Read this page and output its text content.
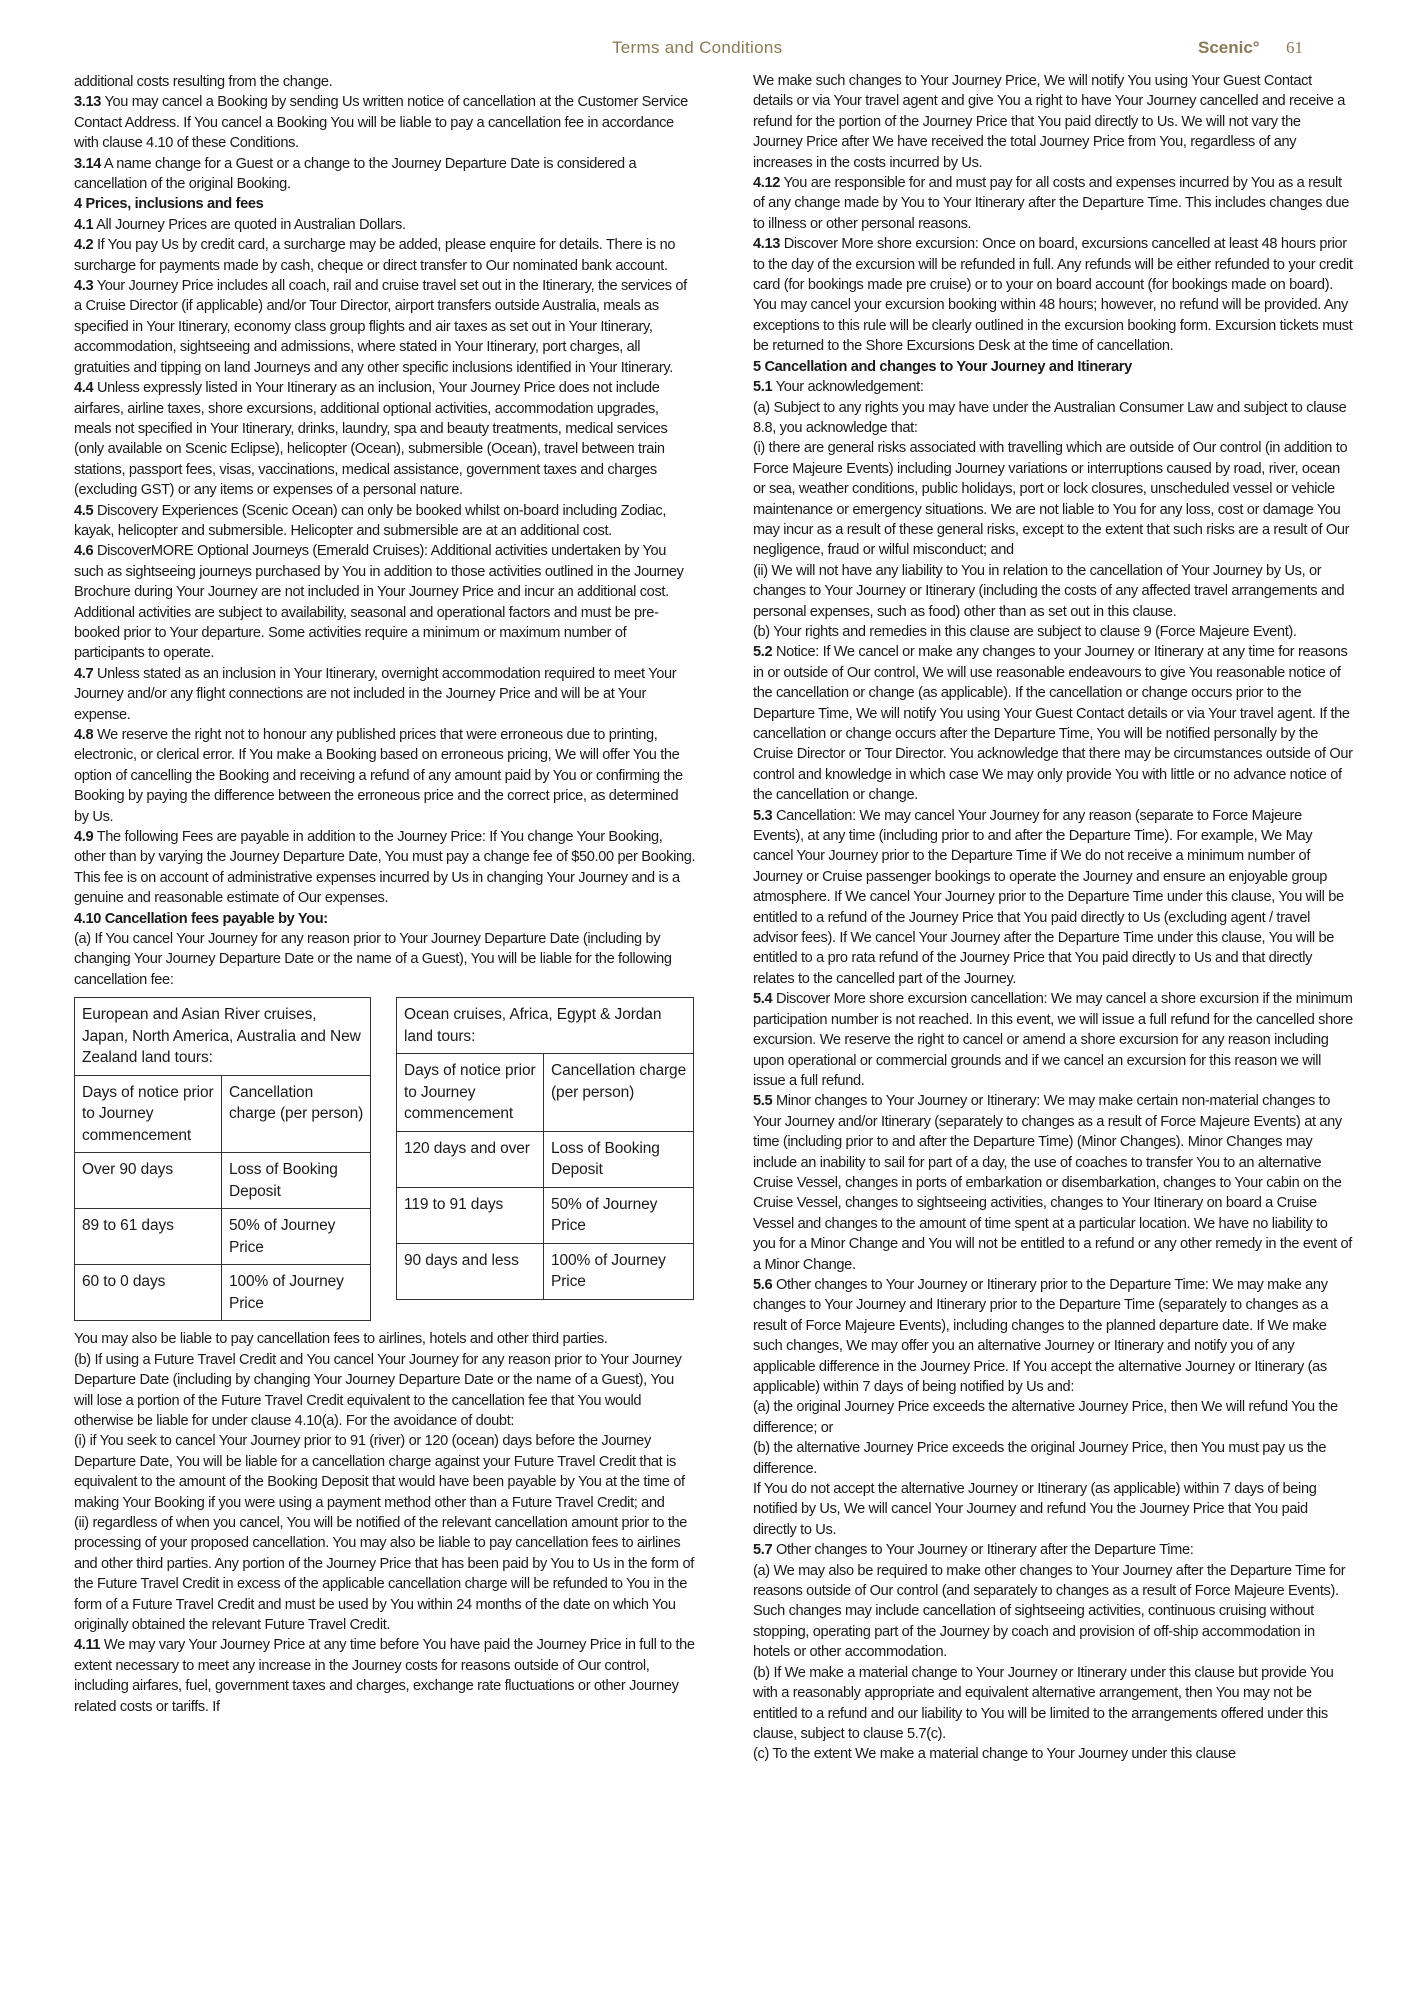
Terms and Conditions	Scenic° 61

additional costs resulting from the change.

3.13 You may cancel a Booking by sending Us written notice of cancellation at the Customer Service Contact Address. If You cancel a Booking You will be liable to pay a cancellation fee in accordance with clause 4.10 of these Conditions.

3.14 A name change for a Guest or a change to the Journey Departure Date is considered a cancellation of the original Booking.

4 Prices, inclusions and fees

4.1 All Journey Prices are quoted in Australian Dollars.

4.2 If You pay Us by credit card, a surcharge may be added, please enquire for details. There is no surcharge for payments made by cash, cheque or direct transfer to Our nominated bank account.

4.3 Your Journey Price includes all coach, rail and cruise travel set out in the Itinerary, the services of a Cruise Director (if applicable) and/or Tour Director, airport transfers outside Australia, meals as specified in Your Itinerary, economy class group flights and air taxes as set out in Your Itinerary, accommodation, sightseeing and admissions, where stated in Your Itinerary, port charges, all gratuities and tipping on land Journeys and any other specific inclusions identified in Your Itinerary.

4.4 Unless expressly listed in Your Itinerary as an inclusion, Your Journey Price does not include airfares, airline taxes, shore excursions, additional optional activities, accommodation upgrades, meals not specified in Your Itinerary, drinks, laundry, spa and beauty treatments, medical services (only available on Scenic Eclipse), helicopter (Ocean), submersible (Ocean), travel between train stations, passport fees, visas, vaccinations, medical assistance, government taxes and charges (excluding GST) or any items or expenses of a personal nature.

4.5 Discovery Experiences (Scenic Ocean) can only be booked whilst on-board including Zodiac, kayak, helicopter and submersible. Helicopter and submersible are at an additional cost.

4.6 DiscoverMORE Optional Journeys (Emerald Cruises): Additional activities undertaken by You such as sightseeing journeys purchased by You in addition to those activities outlined in the Journey Brochure during Your Journey are not included in Your Journey Price and incur an additional cost. Additional activities are subject to availability, seasonal and operational factors and must be pre-booked prior to Your departure. Some activities require a minimum or maximum number of participants to operate.

4.7 Unless stated as an inclusion in Your Itinerary, overnight accommodation required to meet Your Journey and/or any flight connections are not included in the Journey Price and will be at Your expense.

4.8 We reserve the right not to honour any published prices that were erroneous due to printing, electronic, or clerical error. If You make a Booking based on erroneous pricing, We will offer You the option of cancelling the Booking and receiving a refund of any amount paid by You or confirming the Booking by paying the difference between the erroneous price and the correct price, as determined by Us.

4.9 The following Fees are payable in addition to the Journey Price: If You change Your Booking, other than by varying the Journey Departure Date, You must pay a change fee of $50.00 per Booking. This fee is on account of administrative expenses incurred by Us in changing Your Journey and is a genuine and reasonable estimate of Our expenses.

4.10 Cancellation fees payable by You:

(a) If You cancel Your Journey for any reason prior to Your Journey Departure Date (including by changing Your Journey Departure Date or the name of a Guest), You will be liable for the following cancellation fee:

European and Asian River cruises, Japan, North America, Australia and New Zealand land tours:	
Days of notice prior to Journey commencement	Cancellation charge (per person)
Over 90 days	Loss of Booking Deposit
89 to 61 days	50% of Journey Price
60 to 0 days	100% of Journey Price
Ocean cruises, Africa, Egypt & Jordan land tours:	
Days of notice prior to Journey commencement	Cancellation charge (per person)
120 days and over	Loss of Booking Deposit
119 to 91 days	50% of Journey Price
90 days and less	100% of Journey Price

You may also be liable to pay cancellation fees to airlines, hotels and other third parties.

(b) If using a Future Travel Credit and You cancel Your Journey for any reason prior to Your Journey Departure Date (including by changing Your Journey Departure Date or the name of a Guest), You will lose a portion of the Future Travel Credit equivalent to the cancellation fee that You would otherwise be liable for under clause 4.10(a). For the avoidance of doubt:

(i) if You seek to cancel Your Journey prior to 91 (river) or 120 (ocean) days before the Journey Departure Date, You will be liable for a cancellation charge against your Future Travel Credit that is equivalent to the amount of the Booking Deposit that would have been payable by You at the time of making Your Booking if you were using a payment method other than a Future Travel Credit; and

(ii) regardless of when you cancel, You will be notified of the relevant cancellation amount prior to the processing of your proposed cancellation. You may also be liable to pay cancellation fees to airlines and other third parties. Any portion of the Journey Price that has been paid by You to Us in the form of the Future Travel Credit in excess of the applicable cancellation charge will be refunded to You in the form of a Future Travel Credit and must be used by You within 24 months of the date on which You originally obtained the relevant Future Travel Credit.

4.11 We may vary Your Journey Price at any time before You have paid the Journey Price in full to the extent necessary to meet any increase in the Journey costs for reasons outside of Our control, including airfares, fuel, government taxes and charges, exchange rate fluctuations or other Journey related costs or tariffs. If

We make such changes to Your Journey Price, We will notify You using Your Guest Contact details or via Your travel agent and give You a right to have Your Journey cancelled and receive a refund for the portion of the Journey Price that You paid directly to Us. We will not vary the Journey Price after We have received the total Journey Price from You, regardless of any increases in the costs incurred by Us.

4.12 You are responsible for and must pay for all costs and expenses incurred by You as a result of any change made by You to Your Itinerary after the Departure Time. This includes changes due to illness or other personal reasons.

4.13 Discover More shore excursion: Once on board, excursions cancelled at least 48 hours prior to the day of the excursion will be refunded in full. Any refunds will be either refunded to your credit card (for bookings made pre cruise) or to your on board account (for bookings made on board). You may cancel your excursion booking within 48 hours; however, no refund will be provided. Any exceptions to this rule will be clearly outlined in the excursion booking form. Excursion tickets must be returned to the Shore Excursions Desk at the time of cancellation.

5 Cancellation and changes to Your Journey and Itinerary

5.1 Your acknowledgement:

(a) Subject to any rights you may have under the Australian Consumer Law and subject to clause 8.8, you acknowledge that:

(i) there are general risks associated with travelling which are outside of Our control (in addition to Force Majeure Events) including Journey variations or interruptions caused by road, river, ocean or sea, weather conditions, public holidays, port or lock closures, unscheduled vessel or vehicle maintenance or emergency situations. We are not liable to You for any loss, cost or damage You may incur as a result of these general risks, except to the extent that such risks are a result of Our negligence, fraud or wilful misconduct; and

(ii) We will not have any liability to You in relation to the cancellation of Your Journey by Us, or changes to Your Journey or Itinerary (including the costs of any affected travel arrangements and personal expenses, such as food) other than as set out in this clause.

(b) Your rights and remedies in this clause are subject to clause 9 (Force Majeure Event).

5.2 Notice: If We cancel or make any changes to your Journey or Itinerary at any time for reasons in or outside of Our control, We will use reasonable endeavours to give You reasonable notice of the cancellation or change (as applicable). If the cancellation or change occurs prior to the Departure Time, We will notify You using Your Guest Contact details or via Your travel agent. If the cancellation or change occurs after the Departure Time, You will be notified personally by the Cruise Director or Tour Director. You acknowledge that there may be circumstances outside of Our control and knowledge in which case We may only provide You with little or no advance notice of the cancellation or change.

5.3 Cancellation: We may cancel Your Journey for any reason (separate to Force Majeure Events), at any time (including prior to and after the Departure Time). For example, We May cancel Your Journey prior to the Departure Time if We do not receive a minimum number of Journey or Cruise passenger bookings to operate the Journey and ensure an enjoyable group atmosphere. If We cancel Your Journey prior to the Departure Time under this clause, You will be entitled to a refund of the Journey Price that You paid directly to Us (excluding agent / travel advisor fees). If We cancel Your Journey after the Departure Time under this clause, You will be entitled to a pro rata refund of the Journey Price that You paid directly to Us and that directly relates to the cancelled part of the Journey.

5.4 Discover More shore excursion cancellation: We may cancel a shore excursion if the minimum participation number is not reached. In this event, we will issue a full refund for the cancelled shore excursion. We reserve the right to cancel or amend a shore excursion for any reason including upon operational or commercial grounds and if we cancel an excursion for this reason we will issue a full refund.

5.5 Minor changes to Your Journey or Itinerary: We may make certain non-material changes to Your Journey and/or Itinerary (separately to changes as a result of Force Majeure Events) at any time (including prior to and after the Departure Time) (Minor Changes). Minor Changes may include an inability to sail for part of a day, the use of coaches to transfer You to an alternative Cruise Vessel, changes in ports of embarkation or disembarkation, changes to Your cabin on the Cruise Vessel, changes to sightseeing activities, changes to Your Itinerary on board a Cruise Vessel and changes to the amount of time spent at a particular location. We have no liability to you for a Minor Change and You will not be entitled to a refund or any other remedy in the event of a Minor Change.

5.6 Other changes to Your Journey or Itinerary prior to the Departure Time: We may make any changes to Your Journey and Itinerary prior to the Departure Time (separately to changes as a result of Force Majeure Events), including changes to the planned departure date. If We make such changes, We may offer you an alternative Journey or Itinerary and notify you of any applicable difference in the Journey Price. If You accept the alternative Journey or Itinerary (as applicable) within 7 days of being notified by Us and:

(a) the original Journey Price exceeds the alternative Journey Price, then We will refund You the difference; or

(b) the alternative Journey Price exceeds the original Journey Price, then You must pay us the difference.

If You do not accept the alternative Journey or Itinerary (as applicable) within 7 days of being notified by Us, We will cancel Your Journey and refund You the Journey Price that You paid   directly to Us.

5.7 Other changes to Your Journey or Itinerary after the Departure Time:

(a) We may also be required to make other changes to Your Journey after the Departure Time for reasons outside of Our control (and separately to changes as a result of Force Majeure Events). Such changes may include cancellation of sightseeing activities, continuous cruising without stopping, operating part of the Journey by coach and provision of off-ship accommodation in hotels or other accommodation.

(b) If We make a material change to Your Journey or Itinerary under this clause but provide You with a reasonably appropriate and equivalent alternative arrangement, then You may not be entitled to a refund and our liability to You will be limited to the arrangements offered under this clause, subject to clause 5.7(c).

(c) To the extent We make a material change to Your Journey under this clause
